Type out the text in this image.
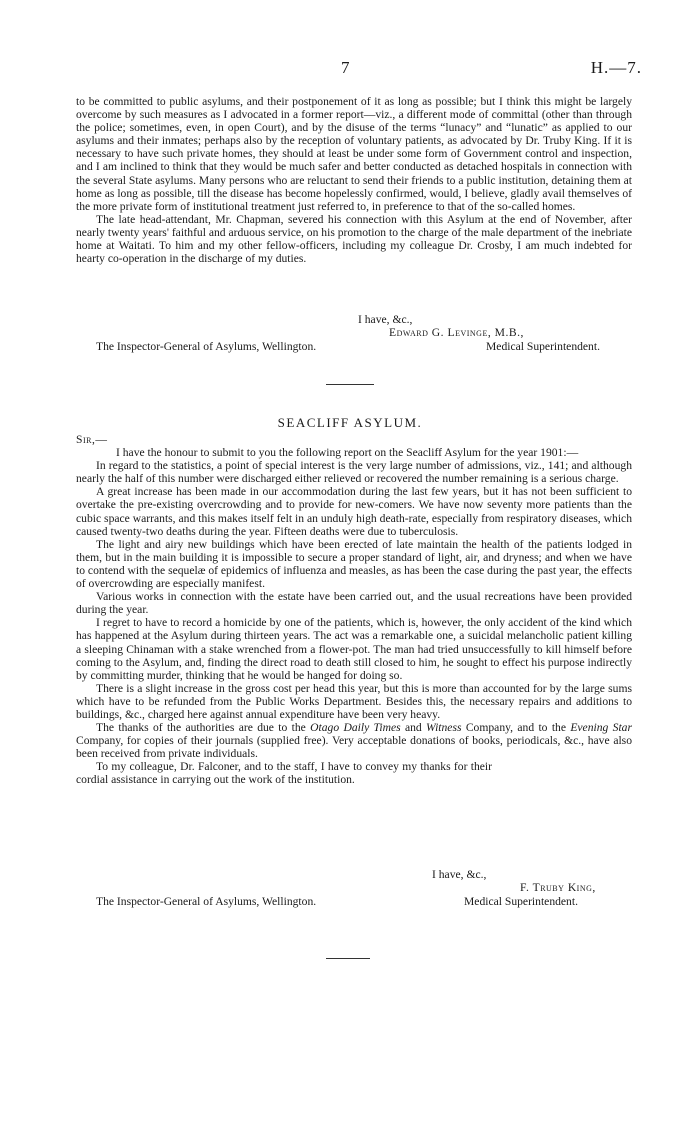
7	H.—7.

to be committed to public asylums, and their postponement of it as long as possible; but I think this might be largely overcome by such measures as I advocated in a former report—viz., a different mode of committal (other than through the police; sometimes, even, in open Court), and by the disuse of the terms “lunacy” and “lunatic” as applied to our asylums and their inmates; perhaps also by the reception of voluntary patients, as advocated by Dr. Truby King. If it is necessary to have such private homes, they should at least be under some form of Government control and inspection, and I am inclined to think that they would be much safer and better conducted as detached hospitals in connection with the several State asylums. Many persons who are reluctant to send their friends to a public institution, detaining them at home as long as possible, till the disease has become hopelessly confirmed, would, I believe, gladly avail themselves of the more private form of institutional treatment just referred to, in preference to that of the so-called homes.

The late head-attendant, Mr. Chapman, severed his connection with this Asylum at the end of November, after nearly twenty years' faithful and arduous service, on his promotion to the charge of the male department of the inebriate home at Waitati. To him and my other fellow-officers, including my colleague Dr. Crosby, I am much indebted for hearty co-operation in the discharge of my duties.

I have, &c.,
Edward G. Levinge, M.B.,
The Inspector-General of Asylums, Wellington.	Medical Superintendent.
SEACLIFF ASYLUM.

Sir,—

I have the honour to submit to you the following report on the Seacliff Asylum for the year 1901:—

In regard to the statistics, a point of special interest is the very large number of admissions, viz., 141; and although nearly the half of this number were discharged either relieved or recovered the number remaining is a serious charge.

A great increase has been made in our accommodation during the last few years, but it has not been sufficient to overtake the pre-existing overcrowding and to provide for new-comers. We have now seventy more patients than the cubic space warrants, and this makes itself felt in an unduly high death-rate, especially from respiratory diseases, which caused twenty-two deaths during the year. Fifteen deaths were due to tuberculosis.

The light and airy new buildings which have been erected of late maintain the health of the patients lodged in them, but in the main building it is impossible to secure a proper standard of light, air, and dryness; and when we have to contend with the sequelæ of epidemics of influenza and measles, as has been the case during the past year, the effects of overcrowding are especially manifest.

Various works in connection with the estate have been carried out, and the usual recreations have been provided during the year.

I regret to have to record a homicide by one of the patients, which is, however, the only accident of the kind which has happened at the Asylum during thirteen years. The act was a remarkable one, a suicidal melancholic patient killing a sleeping Chinaman with a stake wrenched from a flower-pot. The man had tried unsuccessfully to kill himself before coming to the Asylum, and, finding the direct road to death still closed to him, he sought to effect his purpose indirectly by committing murder, thinking that he would be hanged for doing so.

There is a slight increase in the gross cost per head this year, but this is more than accounted for by the large sums which have to be refunded from the Public Works Department. Besides this, the necessary repairs and additions to buildings, &c., charged here against annual expenditure have been very heavy.

The thanks of the authorities are due to the Otago Daily Times and Witness Company, and to the Evening Star Company, for copies of their journals (supplied free). Very acceptable donations of books, periodicals, &c., have also been received from private individuals.

To my colleague, Dr. Falconer, and to the staff, I have to convey my thanks for their cordial assistance in carrying out the work of the institution.

I have, &c.,
F. Truby King,
The Inspector-General of Asylums, Wellington.	Medical Superintendent.
